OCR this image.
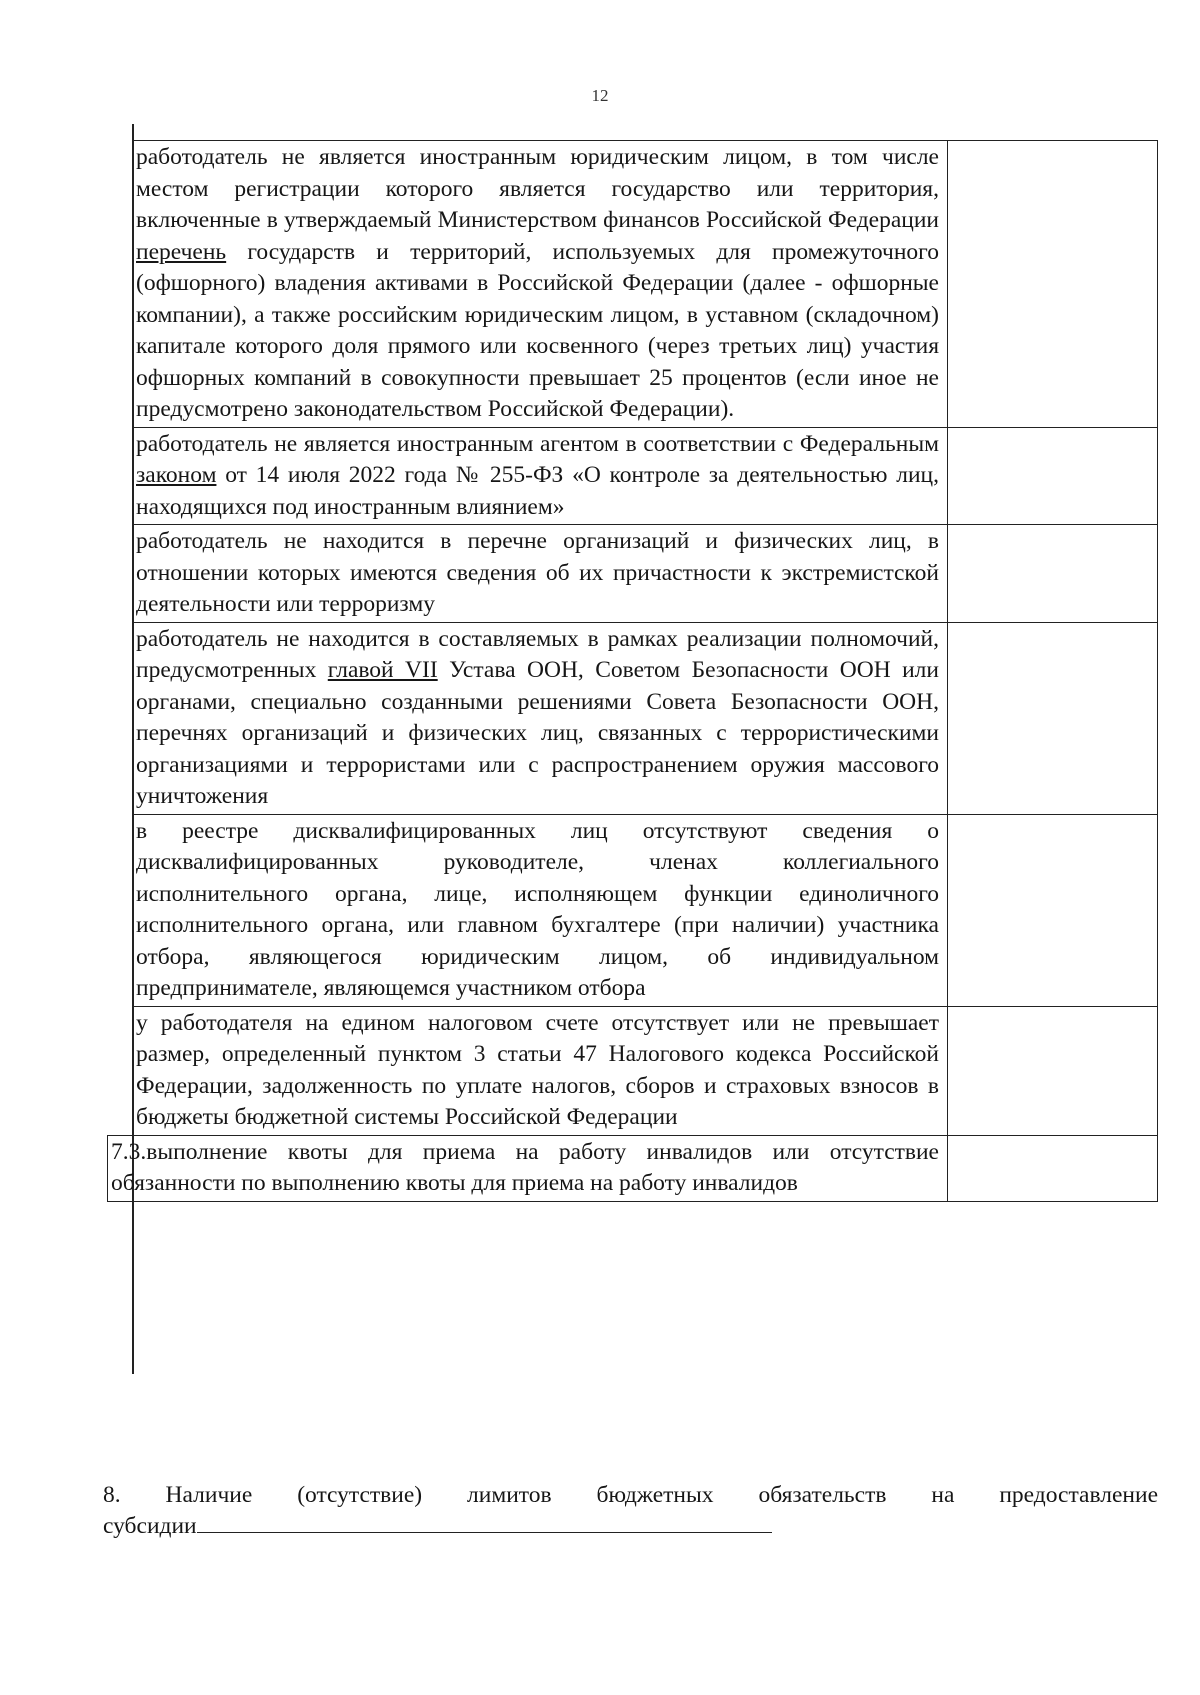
12
	работодатель не является иностранным юридическим лицом, в том числе местом регистрации которого является государство или территория, включенные в утверждаемый Министерством финансов Российской Федерации перечень государств и территорий, используемых для промежуточного (офшорного) владения активами в Российской Федерации (далее - офшорные компании), а также российским юридическим лицом, в уставном (складочном) капитале которого доля прямого или косвенного (через третьих лиц) участия офшорных компаний в совокупности превышает 25 процентов (если иное не предусмотрено законодательством Российской Федерации).	
	работодатель не является иностранным агентом в соответствии с Федеральным законом от 14 июля 2022 года № 255-ФЗ «О контроле за деятельностью лиц, находящихся под иностранным влиянием»	
	работодатель не находится в перечне организаций и физических лиц, в отношении которых имеются сведения об их причастности к экстремистской деятельности или терроризму	
	работодатель не находится в составляемых в рамках реализации полномочий, предусмотренных главой VII Устава ООН, Советом Безопасности ООН или органами, специально созданными решениями Совета Безопасности ООН, перечнях организаций и физических лиц, связанных с террористическими организациями и террористами или с распространением оружия массового уничтожения	
	в реестре дисквалифицированных лиц отсутствуют сведения о дисквалифицированных руководителе, членах коллегиального исполнительного органа, лице, исполняющем функции единоличного исполнительного органа, или главном бухгалтере (при наличии) участника отбора, являющегося юридическим лицом, об индивидуальном предпринимателе, являющемся участником отбора	
	у работодателя на едином налоговом счете отсутствует или не превышает размер, определенный пунктом 3 статьи 47 Налогового кодекса Российской Федерации, задолженность по уплате налогов, сборов и страховых взносов в бюджеты бюджетной системы Российской Федерации	
7.3.выполнение квоты для приема на работу инвалидов или отсутствие обязанности по выполнению квоты для приема на работу инвалидов		

8. Наличие (отсутствие) лимитов бюджетных обязательств на предоставление

субсидии
